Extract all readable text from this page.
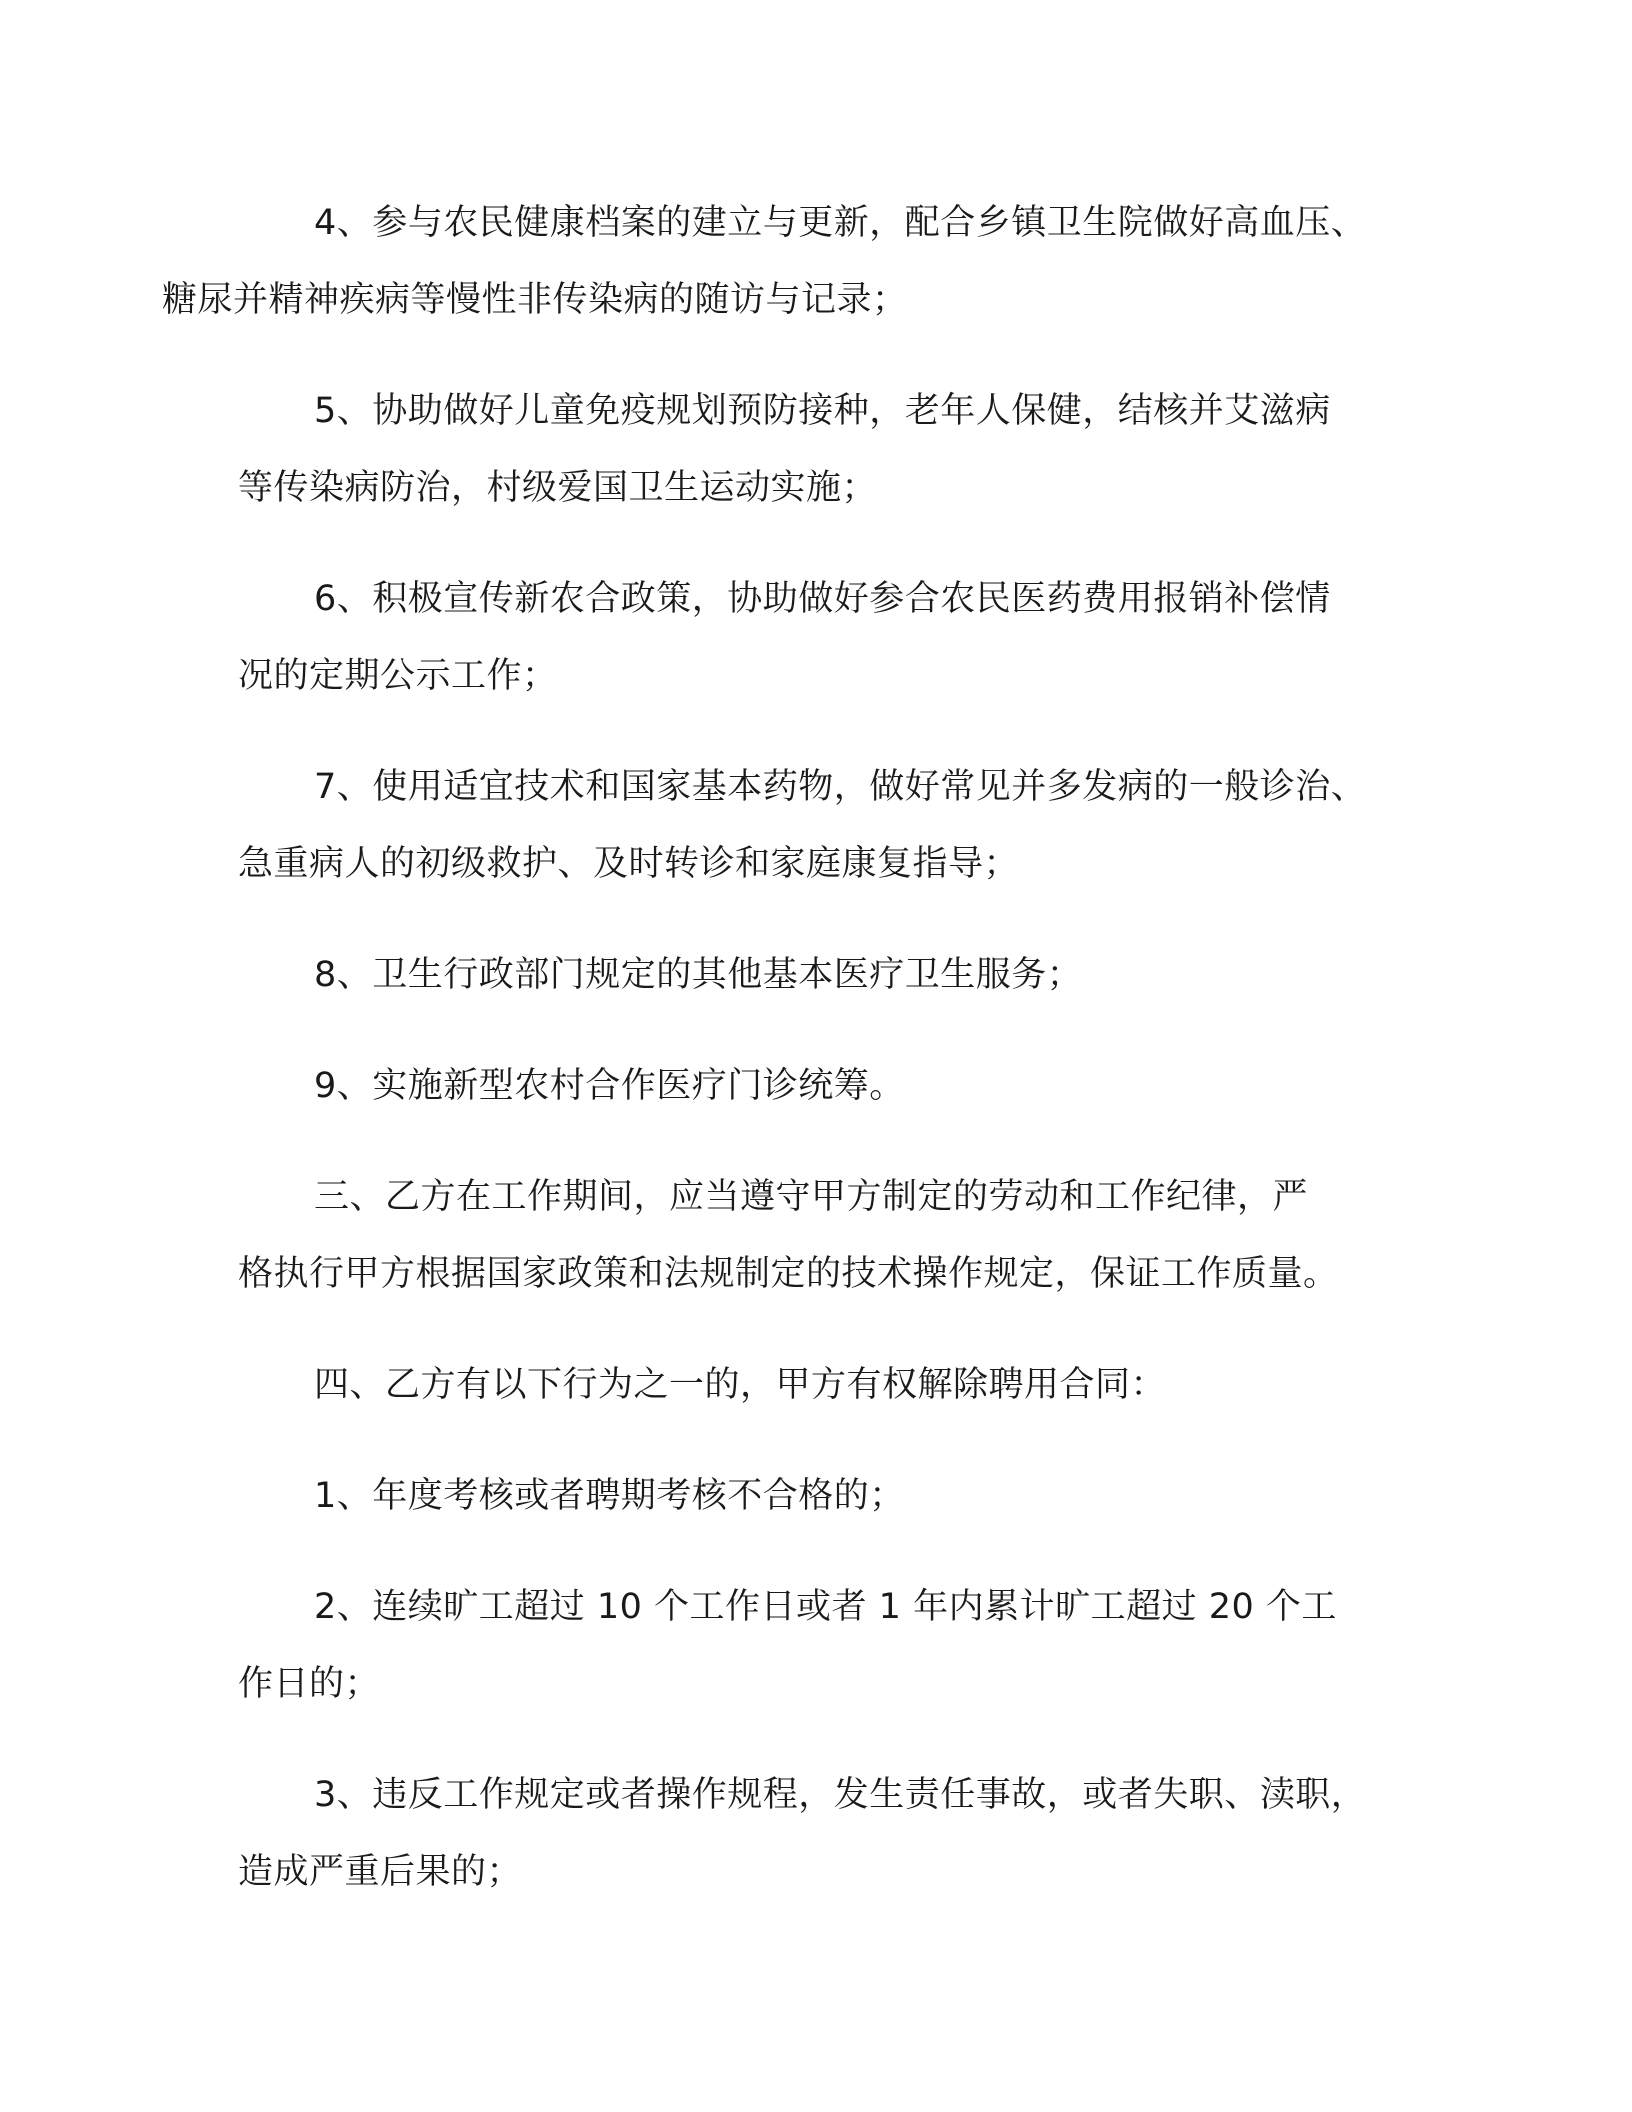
4、参与农民健康档案的建立与更新，配合乡镇卫生院做好高血压、
糖尿并精神疾病等慢性非传染病的随访与记录；

5、协助做好儿童免疫规划预防接种，老年人保健，结核并艾滋病
等传染病防治，村级爱国卫生运动实施；

6、积极宣传新农合政策，协助做好参合农民医药费用报销补偿情
况的定期公示工作；

7、使用适宜技术和国家基本药物，做好常见并多发病的一般诊治、
急重病人的初级救护、及时转诊和家庭康复指导；

8、卫生行政部门规定的其他基本医疗卫生服务；

9、实施新型农村合作医疗门诊统筹。

三、乙方在工作期间，应当遵守甲方制定的劳动和工作纪律，严
格执行甲方根据国家政策和法规制定的技术操作规定，保证工作质量。

四、乙方有以下行为之一的，甲方有权解除聘用合同：

1、年度考核或者聘期考核不合格的；

2、连续旷工超过 10 个工作日或者 1 年内累计旷工超过 20 个工
作日的；

3、违反工作规定或者操作规程，发生责任事故，或者失职、渎职，
造成严重后果的；
